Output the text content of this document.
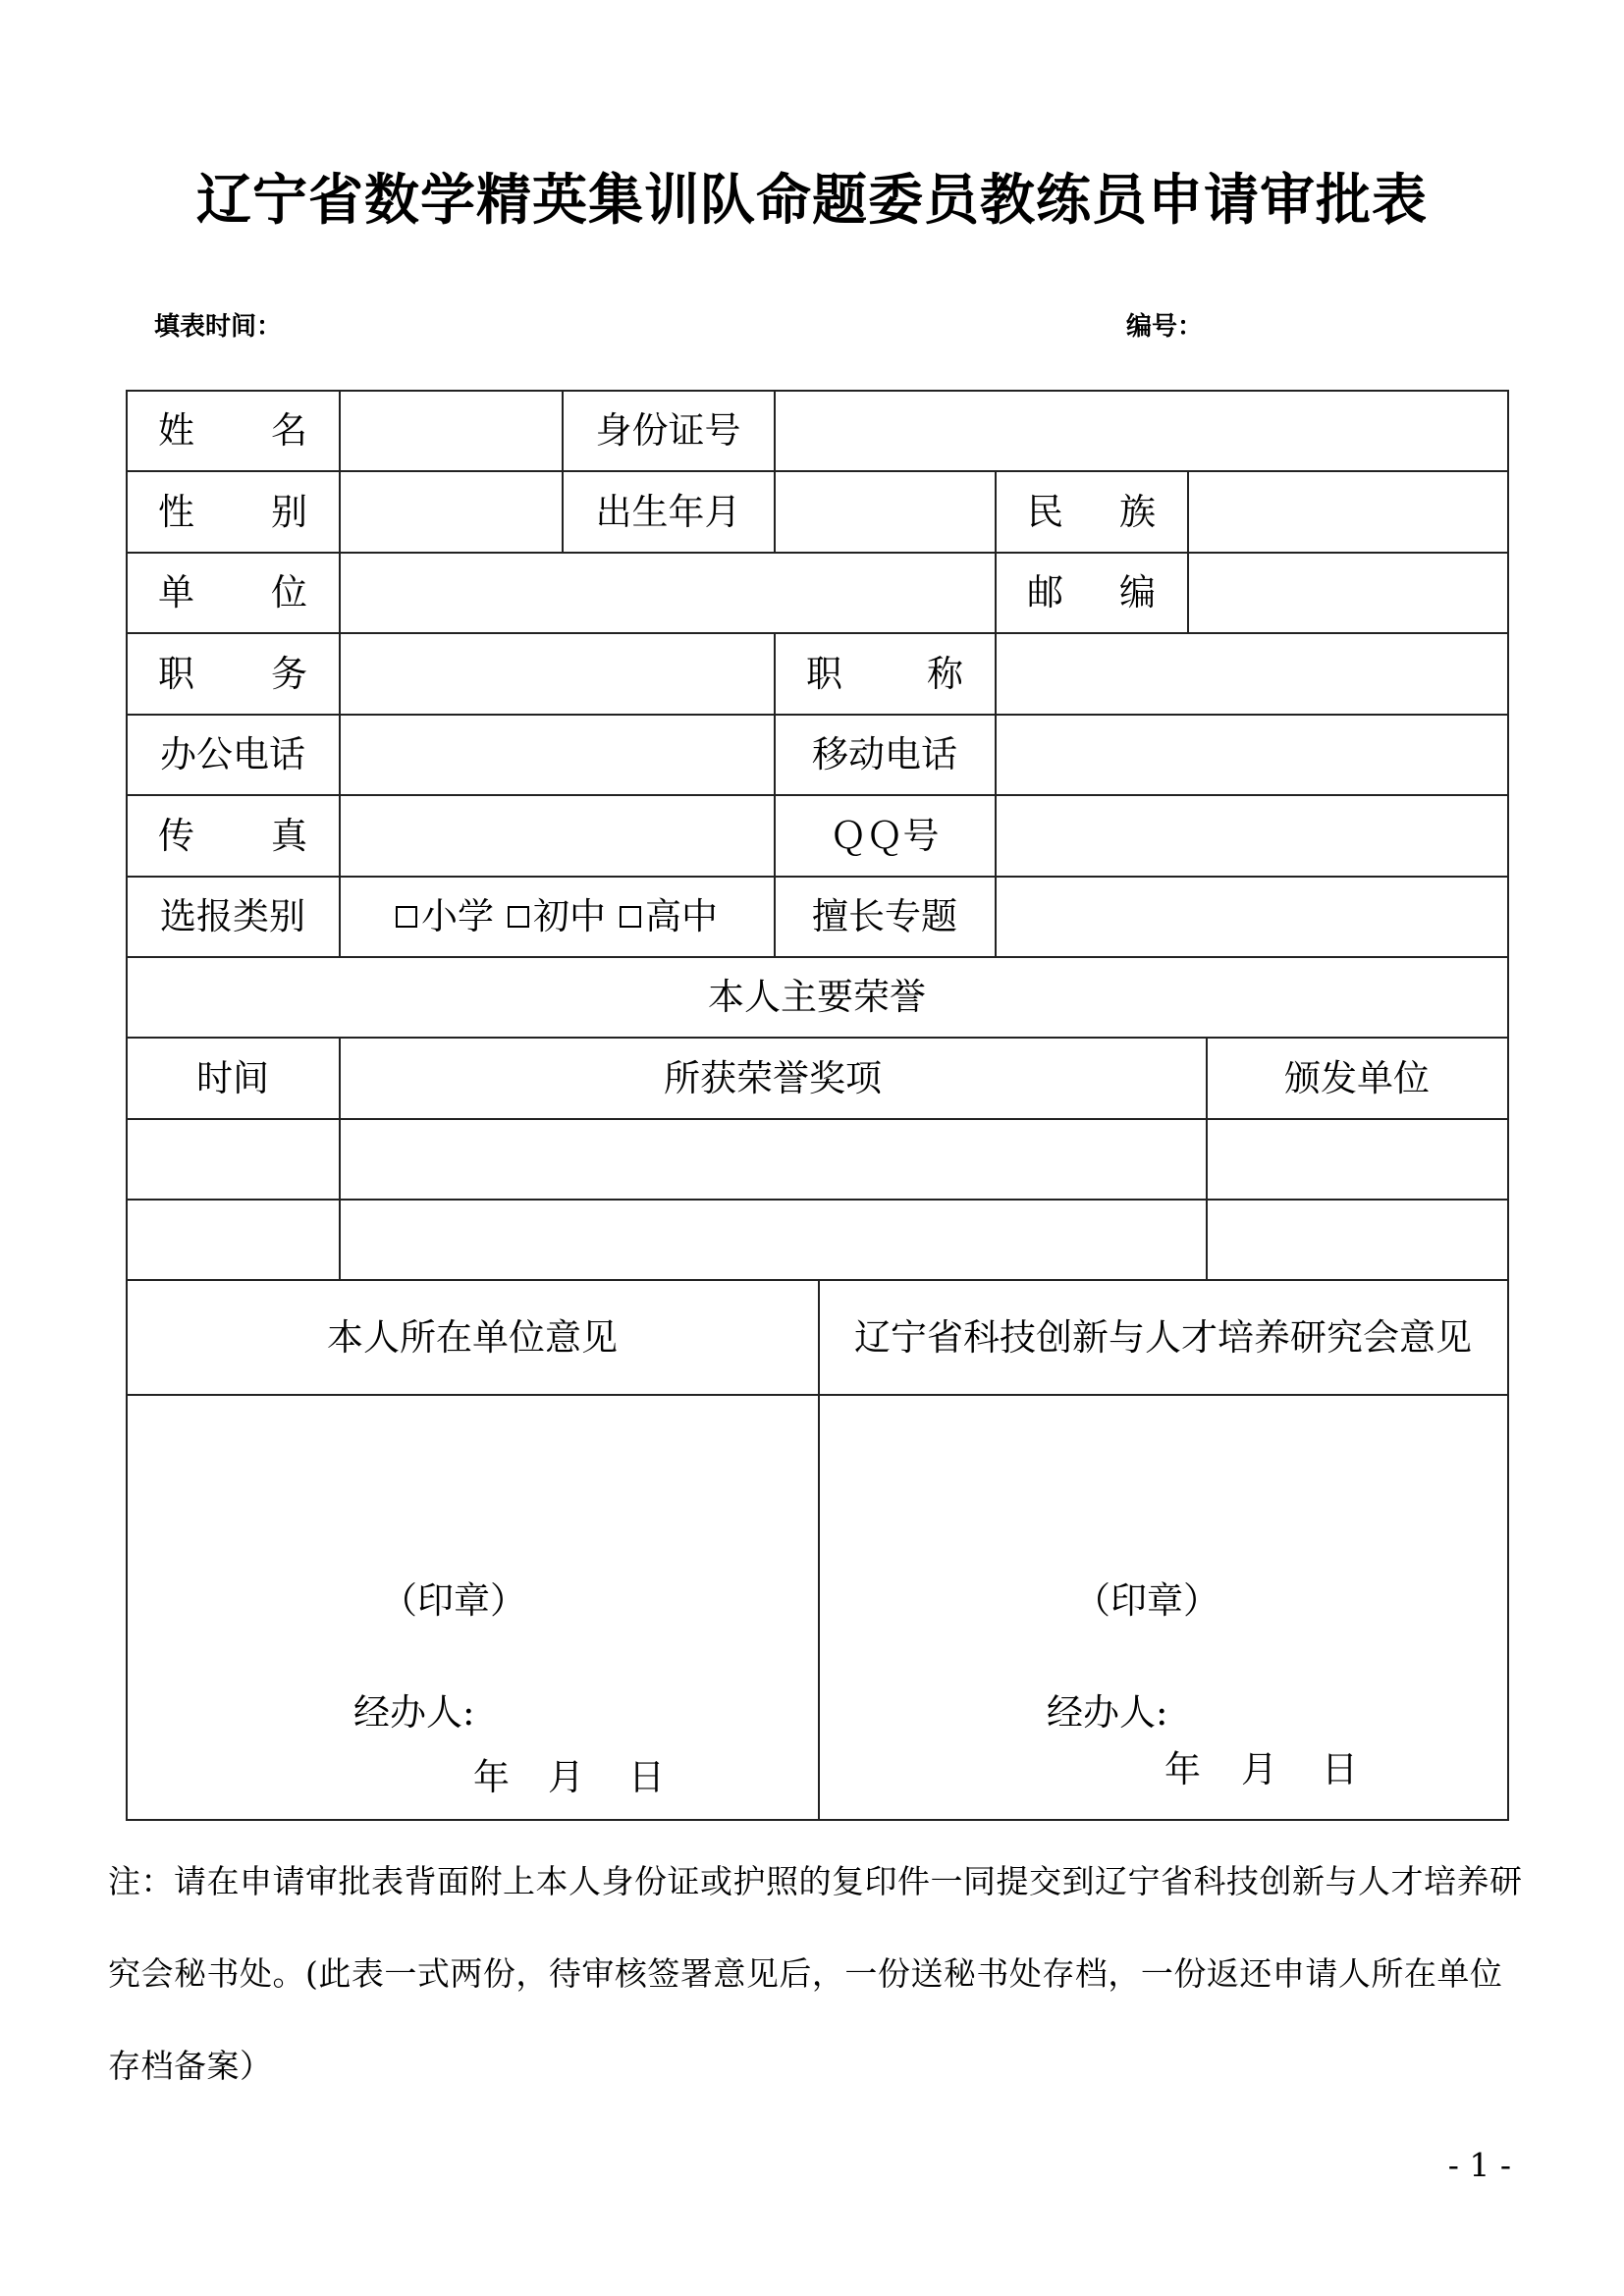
辽宁省数学精英集训队命题委员教练员申请审批表
填表时间：	编号：
姓 名	身份证号
性 别	出生年月	民 族
单 位	邮 编
职 务	职 称
办公电话	移动电话
传 真	ＱＱ号
选报类别	小学 初中 高中	擅长专题
本人主要荣誉
时间	所获荣誉奖项	颁发单位
本人所在单位意见	辽宁省科技创新与人才培养研究会意见
（印章）
经办人:
年 月 日
（印章）
经办人:
年 月 日
注：请在申请审批表背面附上本人身份证或护照的复印件一同提交到辽宁省科技创新与人才培养研究会秘书处。(此表一式两份，待审核签署意见后，一份送秘书处存档，一份返还申请人所在单位存档备案）
- 1 -
